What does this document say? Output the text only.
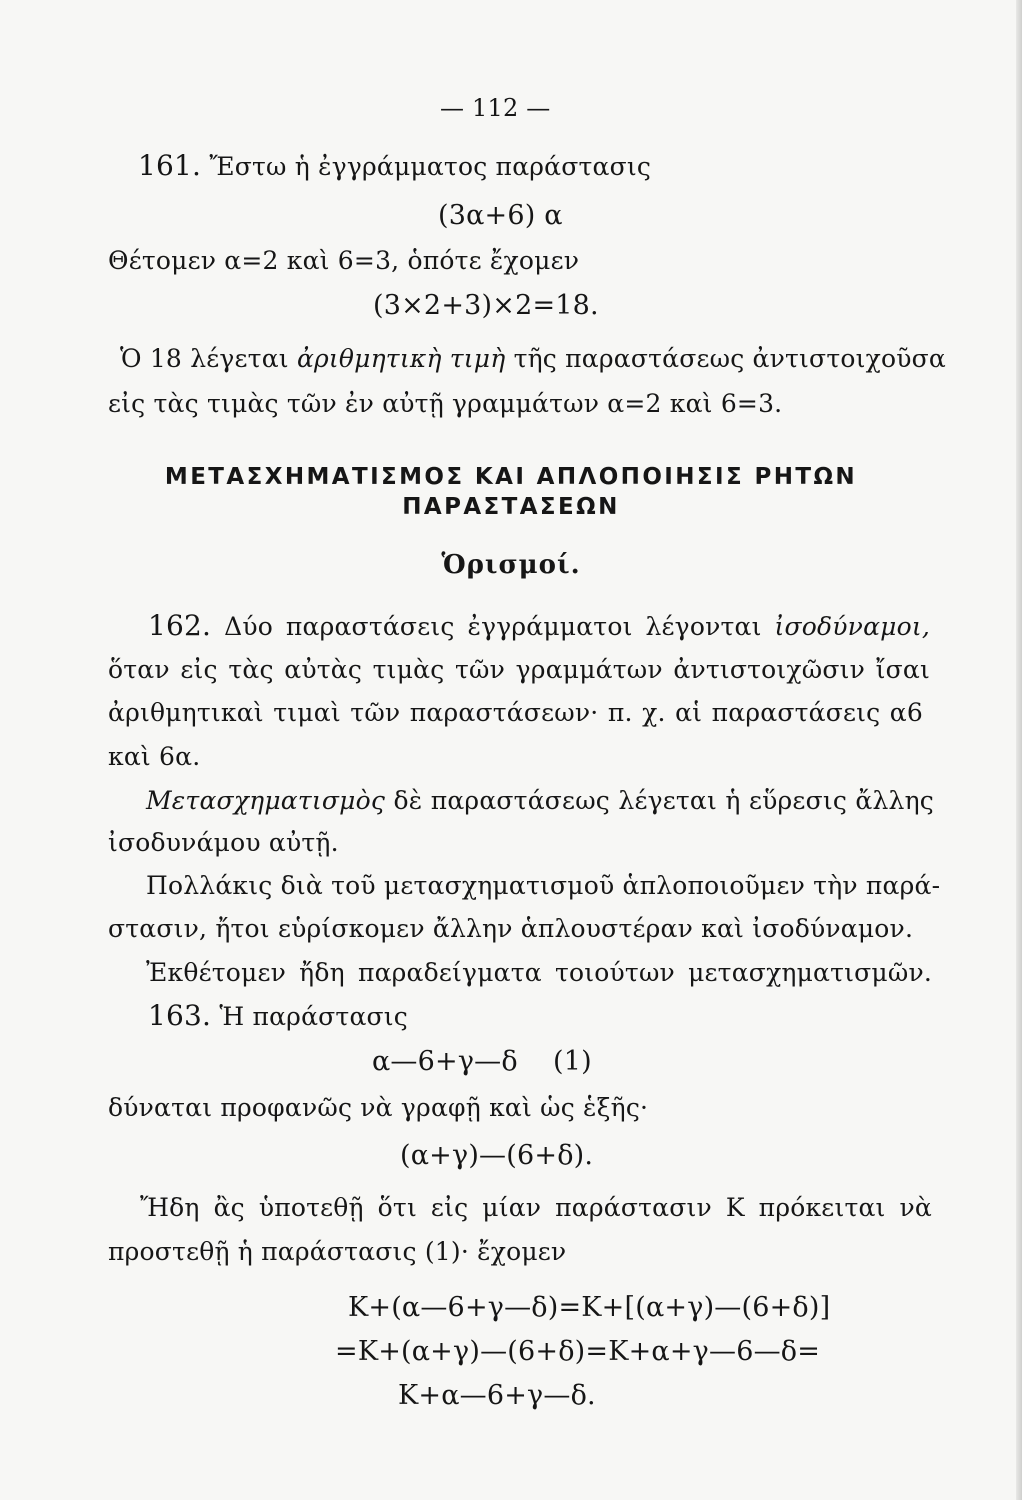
— 112 —
161. Ἔστω ἡ ἐγγράμματος παράστασις
(3α+6) α
Θέτομεν α=2 καὶ 6=3, ὁπότε ἔχομεν
(3×2+3)×2=18.
Ὁ 18 λέγεται ἀριθμητικὴ τιμὴ τῆς παραστάσεως ἀντιστοιχοῦσα
εἰς τὰς τιμὰς τῶν ἐν αὐτῇ γραμμάτων α=2 καὶ 6=3.
ΜΕΤΑΣΧΗΜΑΤΙΣΜΟΣ ΚΑΙ ΑΠΛΟΠΟΙΗΣΙΣ ΡΗΤΩΝ
ΠΑΡΑΣΤΑΣΕΩΝ
Ὁρισμοί.
162. Δύο παραστάσεις ἐγγράμματοι λέγονται ἰσοδύναμοι,
ὅταν εἰς τὰς αὐτὰς τιμὰς τῶν γραμμάτων ἀντιστοιχῶσιν ἴσαι
ἀριθμητικαὶ τιμαὶ τῶν παραστάσεων· π. χ. αἱ παραστάσεις α6
καὶ 6α.
Μετασχηματισμὸς δὲ παραστάσεως λέγεται ἡ εὕρεσις ἄλλης
ἰσοδυνάμου αὐτῇ.
Πολλάκις διὰ τοῦ μετασχηματισμοῦ ἁπλοποιοῦμεν τὴν παρά-
στασιν, ἤτοι εὑρίσκομεν ἄλλην ἁπλουστέραν καὶ ἰσοδύναμον.
Ἐκθέτομεν ἤδη παραδείγματα τοιούτων μετασχηματισμῶν.
163. Ἡ παράστασις
α—6+γ—δ    (1)
δύναται προφανῶς νὰ γραφῇ καὶ ὡς ἑξῆς·
(α+γ)—(6+δ).
Ἤδη ἂς ὑποτεθῇ ὅτι εἰς μίαν παράστασιν Κ πρόκειται νὰ
προστεθῇ ἡ παράστασις (1)· ἔχομεν
Κ+(α—6+γ—δ)=Κ+[(α+γ)—(6+δ)]
=Κ+(α+γ)—(6+δ)=Κ+α+γ—6—δ=
Κ+α—6+γ—δ.
